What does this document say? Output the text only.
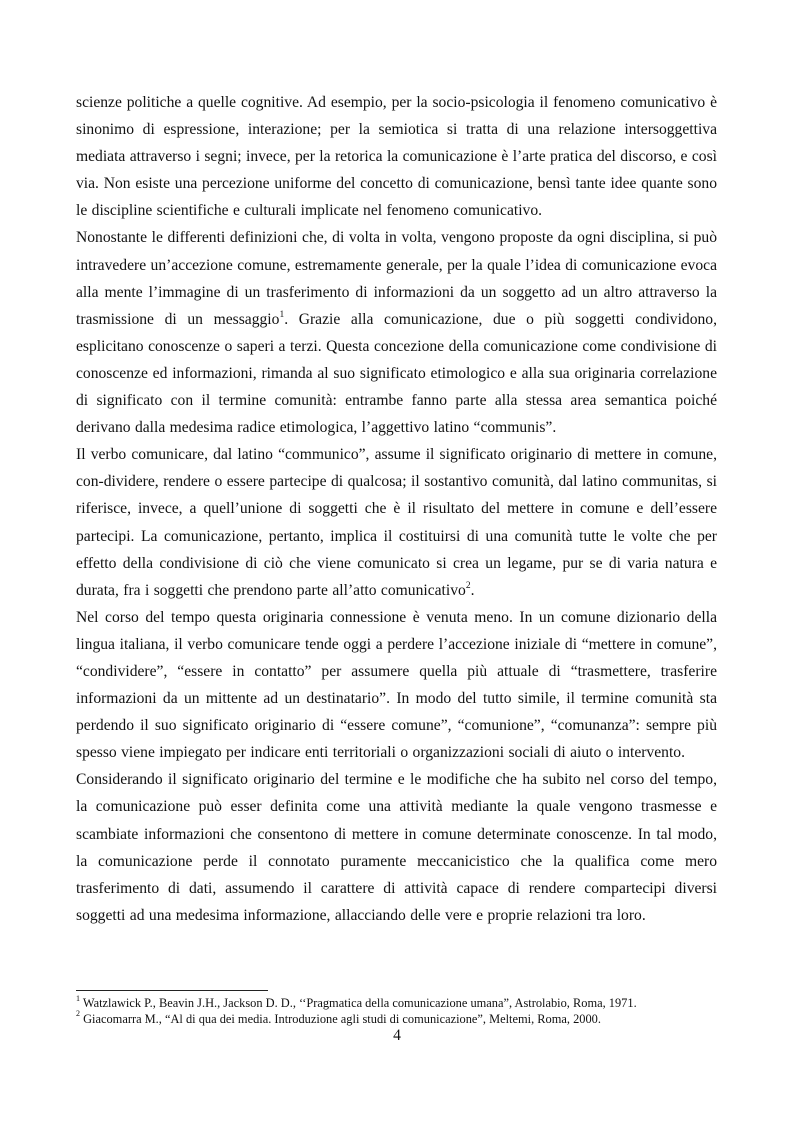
scienze politiche a quelle cognitive. Ad esempio, per la socio-psicologia il fenomeno comunicativo è sinonimo di espressione, interazione; per la semiotica si tratta di una relazione intersoggettiva mediata attraverso i segni; invece, per la retorica la comunicazione è l’arte pratica del discorso, e così via. Non esiste una percezione uniforme del concetto di comunicazione, bensì tante idee quante sono le discipline scientifiche e culturali implicate nel fenomeno comunicativo.

Nonostante le differenti definizioni che, di volta in volta, vengono proposte da ogni disciplina, si può intravedere un’accezione comune, estremamente generale, per la quale l’idea di comunicazione evoca alla mente l’immagine di un trasferimento di informazioni da un soggetto ad un altro attraverso la trasmissione di un messaggio$^1$. Grazie alla comunicazione, due o più soggetti condividono, esplicitano conoscenze o saperi a terzi. Questa concezione della comunicazione come condivisione di conoscenze ed informazioni, rimanda al suo significato etimologico e alla sua originaria correlazione di significato con il termine comunità: entrambe fanno parte alla stessa area semantica poiché derivano dalla medesima radice etimologica, l’aggettivo latino “communis”.

Il verbo comunicare, dal latino “communico”, assume il significato originario di mettere in comune, con-dividere, rendere o essere partecipe di qualcosa; il sostantivo comunità, dal latino communitas, si riferisce, invece, a quell’unione di soggetti che è il risultato del mettere in comune e dell’essere partecipi. La comunicazione, pertanto, implica il costituirsi di una comunità tutte le volte che per effetto della condivisione di ciò che viene comunicato si crea un legame, pur se di varia natura e durata, fra i soggetti che prendono parte all’atto comunicativo$^2$.

Nel corso del tempo questa originaria connessione è venuta meno. In un comune dizionario della lingua italiana, il verbo comunicare tende oggi a perdere l’accezione iniziale di “mettere in comune”, “condividere”, “essere in contatto” per assumere quella più attuale di “trasmettere, trasferire informazioni da un mittente ad un destinatario”. In modo del tutto simile, il termine comunità sta perdendo il suo significato originario di “essere comune”, “comunione”, “comunanza”: sempre più spesso viene impiegato per indicare enti territoriali o organizzazioni sociali di aiuto o intervento.

Considerando il significato originario del termine e le modifiche che ha subito nel corso del tempo, la comunicazione può esser definita come una attività mediante la quale vengono trasmesse e scambiate informazioni che consentono di mettere in comune determinate conoscenze. In tal modo, la comunicazione perde il connotato puramente meccanicistico che la qualifica come mero trasferimento di dati, assumendo il carattere di attività capace di rendere compartecipi diversi soggetti ad una medesima informazione, allacciando delle vere e proprie relazioni tra loro.

$^1$ Watzlawick P., Beavin J.H., Jackson D. D., ‘‘Pragmatica della comunicazione umana”, Astrolabio, Roma, 1971.

$^2$ Giacomarra M., “Al di qua dei media. Introduzione agli studi di comunicazione”, Meltemi, Roma, 2000.

4
